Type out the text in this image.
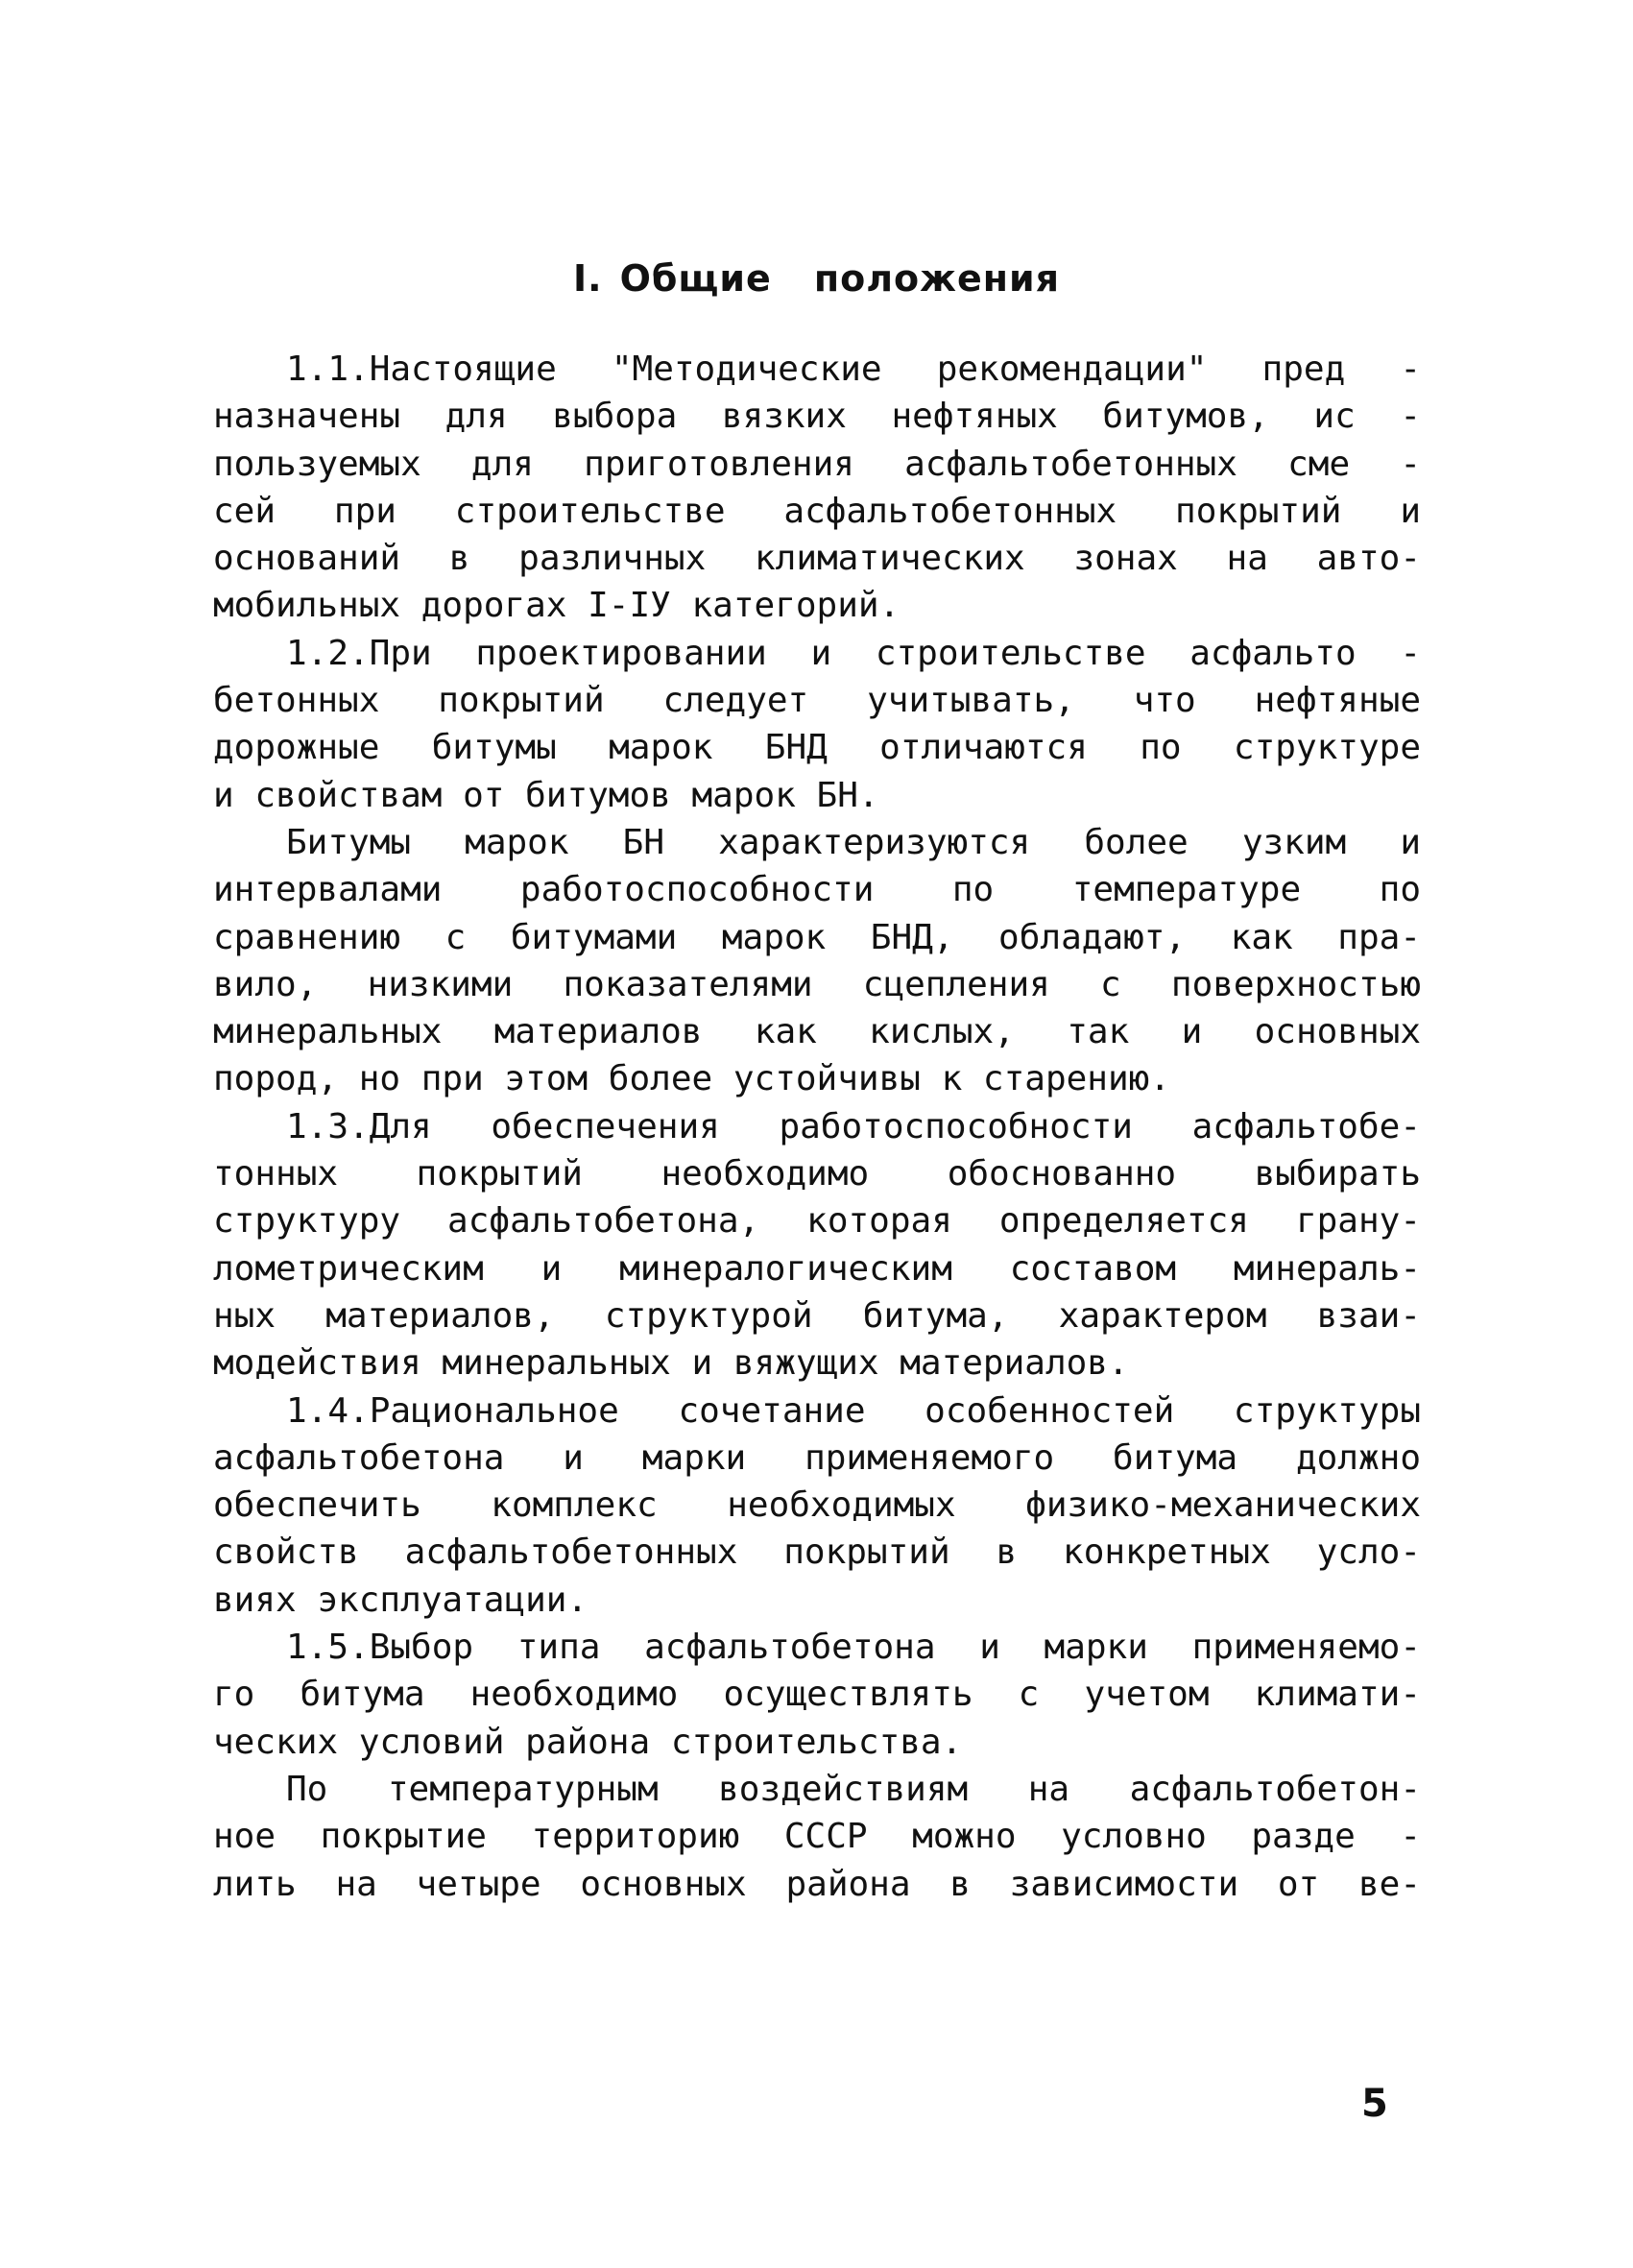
I. Общие положения
1.1.Настоящие "Методические рекомендации" пред -
назначены для выбора вязких нефтяных битумов, ис -
пользуемых для приготовления асфальтобетонных сме -
сей при строительстве асфальтобетонных покрытий и
оснований в различных климатических зонах на авто-
мобильных дорогах I-IУ категорий.
1.2.При проектировании и строительстве асфальто -
бетонных покрытий следует учитывать, что нефтяные
дорожные битумы марок БНД отличаются по структуре
и свойствам от битумов марок БН.
Битумы марок БН характеризуются более узким и
интервалами работоспособности по температуре по
сравнению с битумами марок БНД, обладают, как пра-
вило, низкими показателями сцепления с поверхностью
минеральных материалов как кислых, так и основных
пород, но при этом более устойчивы к старению.
1.3.Для обеспечения работоспособности асфальтобе-
тонных покрытий необходимо обоснованно выбирать
структуру асфальтобетона, которая определяется грану-
лометрическим и минералогическим составом минераль-
ных материалов, структурой битума, характером взаи-
модействия минеральных и вяжущих материалов.
1.4.Рациональное сочетание особенностей структуры
асфальтобетона и марки применяемого битума должно
обеспечить комплекс необходимых физико-механических
свойств асфальтобетонных покрытий в конкретных усло-
виях эксплуатации.
1.5.Выбор типа асфальтобетона и марки применяемо-
го битума необходимо осуществлять с учетом климати-
ческих условий района строительства.
По температурным воздействиям на асфальтобетон-
ное покрытие территорию СССР можно условно разде -
лить на четыре основных района в зависимости от ве-
5
